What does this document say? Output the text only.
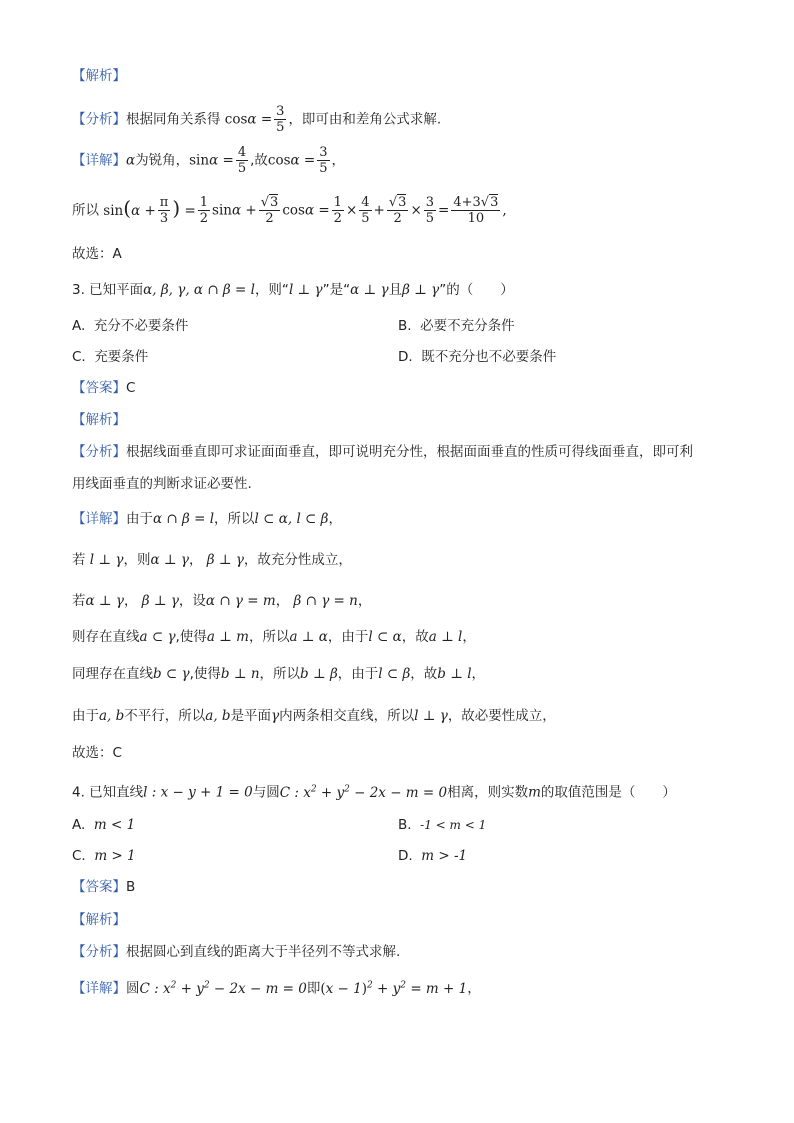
【解析】
【分析】根据同角关系得 $\cos\alpha = \frac{3}{5}$ ，即可由和差角公式求解.
【详解】α为锐角，$\sin\alpha = \frac{4}{5}$ ,故$\cos\alpha = \frac{3}{5}$ ，
所以 $\sin(\alpha + \frac{\pi}{3}$ ) = $\frac{1}{2}$ $\sin\alpha + \frac{√3}{2}$ $\cos\alpha = \frac{1}{2} \times \frac{4}{5} + \frac{√3}{2} \times \frac{3}{5} = \frac{4+3√3}{10}$ ,
故选：A
3. 已知平面α, β, γ, α ∩ β = l，则“l ⊥ γ”是“α ⊥ γ且β ⊥ γ”的（　　）
A. 充分不必要条件	B. 必要不充分条件
C. 充要条件	D. 既不充分也不必要条件
【答案】C
【解析】
【分析】根据线面垂直即可求证面面垂直，即可说明充分性，根据面面垂直的性质可得线面垂直，即可利
用线面垂直的判断求证必要性.
【详解】由于α ∩ β = l，所以l ⊂ α, l ⊂ β，
若 l ⊥ γ，则α ⊥ γ， β ⊥ γ，故充分性成立，
若α ⊥ γ， β ⊥ γ，设α ∩ γ = m， β ∩ γ = n，
则存在直线a ⊂ γ,使得a ⊥ m，所以a ⊥ α，由于l ⊂ α，故a ⊥ l，
同理存在直线b ⊂ γ,使得b ⊥ n，所以b ⊥ β，由于l ⊂ β，故b ⊥ l，
由于a, b不平行，所以a, b是平面γ内两条相交直线，所以l ⊥ γ，故必要性成立，
故选：C
4. 已知直线l : x − y + 1 = 0与圆C : $x^2 + y^2 - 2x - m = 0$相离，则实数m的取值范围是（　　）
A. m < 1	B. -1 < m < 1
C. m > 1	D. m > -1
【答案】B
【解析】
【分析】根据圆心到直线的距离大于半径列不等式求解.
【详解】圆C : $x^2 + y^2 - 2x - m = 0$即$(x - 1)^2 + y^2 = m + 1$，
